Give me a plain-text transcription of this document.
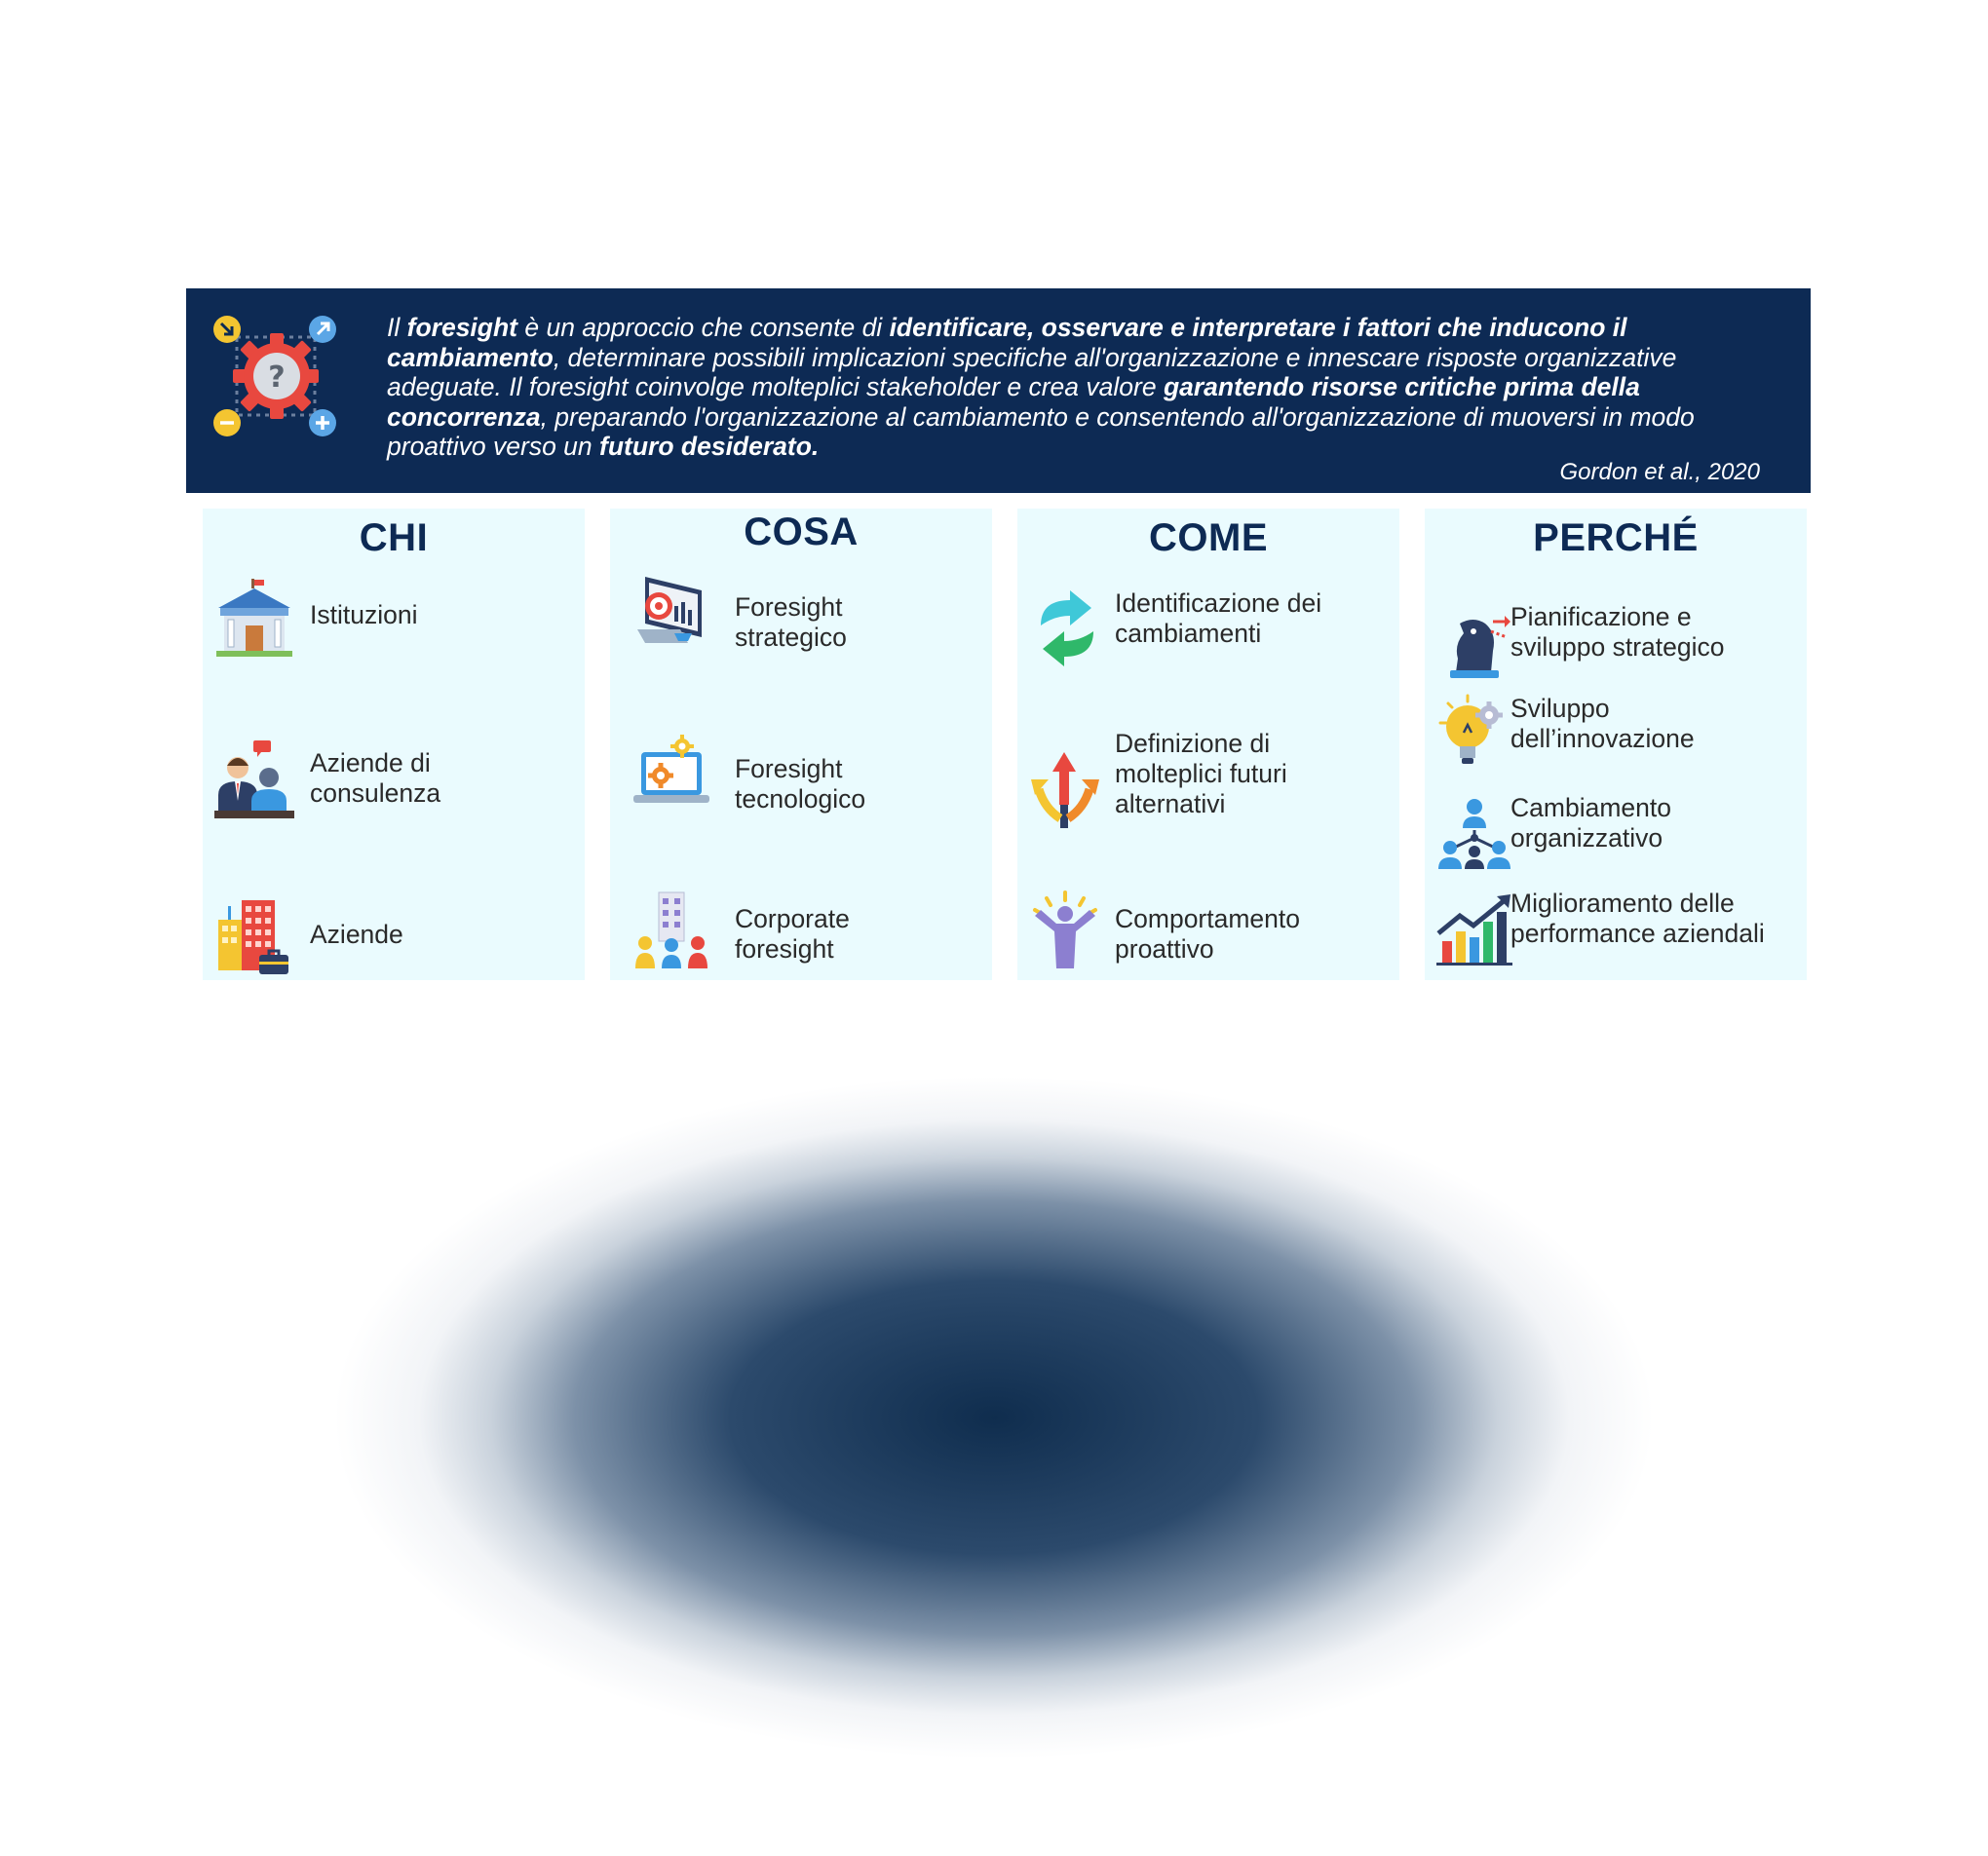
?
Il foresight è un approccio che consente di identificare, osservare e interpretare i fattori che inducono il cambiamento, determinare possibili implicazioni specifiche all'organizzazione e innescare risposte organizzative adeguate. Il foresight coinvolge molteplici stakeholder e crea valore garantendo risorse critiche prima della concorrenza, preparando l'organizzazione al cambiamento e consentendo all'organizzazione di muoversi in modo proattivo verso un futuro desiderato.
Gordon et al., 2020
CHI
Istituzioni
Aziende di
consulenza
Aziende
COSA
Foresight
strategico
Foresight
tecnologico
Corporate
foresight
COME
Identificazione dei
cambiamenti
Definizione di
molteplici futuri
alternativi
Comportamento
proattivo
PERCHÉ
Pianificazione e
sviluppo strategico
Sviluppo
dell’innovazione
Cambiamento
organizzativo
Miglioramento delle
performance aziendali
